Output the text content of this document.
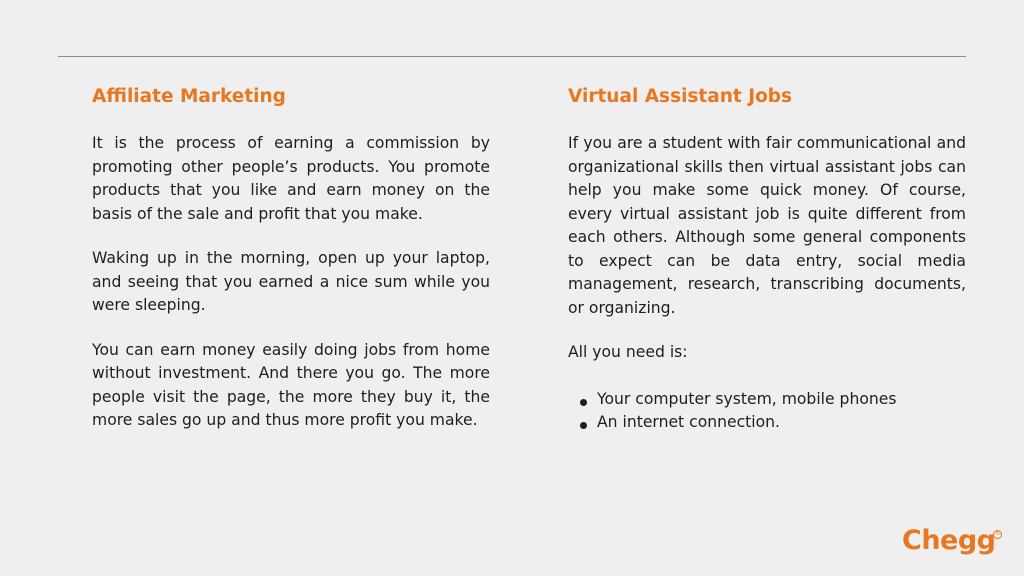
Affiliate Marketing

It is the process of earning a commission by promoting other people’s products. You promote products that you like and earn money on the basis of the sale and profit that you make.

Waking up in the morning, open up your laptop, and seeing that you earned a nice sum while you were sleeping.

You can earn money easily doing jobs from home without investment. And there you go. The more people visit the page, the more they buy it, the more sales go up and thus more profit you make.

Virtual Assistant Jobs

If you are a student with fair communicational and organizational skills then virtual assistant jobs can help you make some quick money. Of course, every virtual assistant job is quite different from each others. Although some general components to expect can be data entry, social media management, research, transcribing documents, or organizing.

All you need is:

Your computer system, mobile phones
An internet connection.
Chegg ®
